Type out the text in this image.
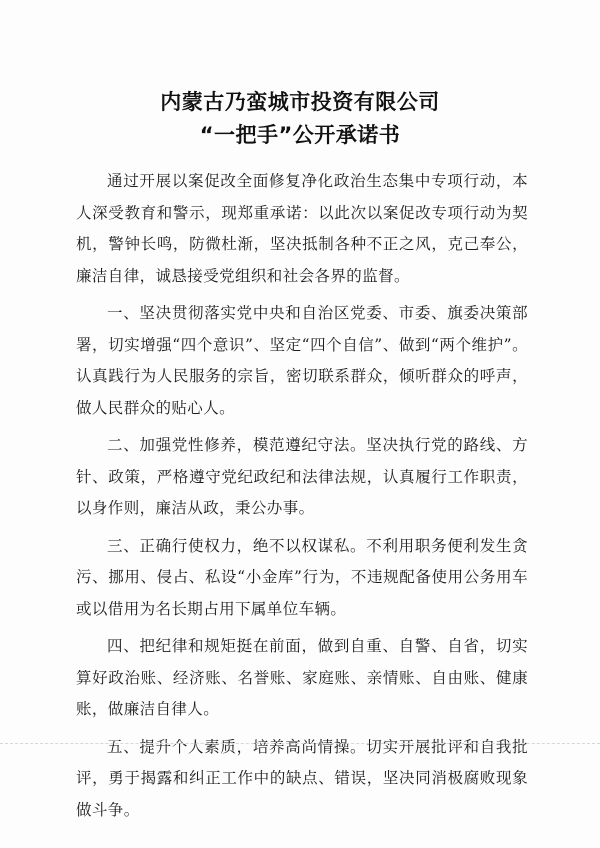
内蒙古乃蛮城市投资有限公司
“一把手”公开承诺书

通过开展以案促改全面修复净化政治生态集中专项行动，本人深受教育和警示，现郑重承诺：以此次以案促改专项行动为契机，警钟长鸣，防微杜渐，坚决抵制各种不正之风，克己奉公，廉洁自律，诚恳接受党组织和社会各界的监督。

一、坚决贯彻落实党中央和自治区党委、市委、旗委决策部署，切实增强“四个意识”、坚定“四个自信”、做到“两个维护”。认真践行为人民服务的宗旨，密切联系群众，倾听群众的呼声，做人民群众的贴心人。

二、加强党性修养，模范遵纪守法。坚决执行党的路线、方针、政策，严格遵守党纪政纪和法律法规，认真履行工作职责，以身作则，廉洁从政，秉公办事。

三、正确行使权力，绝不以权谋私。不利用职务便利发生贪污、挪用、侵占、私设“小金库”行为，不违规配备使用公务用车或以借用为名长期占用下属单位车辆。

四、把纪律和规矩挺在前面，做到自重、自警、自省，切实算好政治账、经济账、名誉账、家庭账、亲情账、自由账、健康账，做廉洁自律人。

五、提升个人素质，培养高尚情操。切实开展批评和自我批评，勇于揭露和纠正工作中的缺点、错误，坚决同消极腐败现象做斗争。
